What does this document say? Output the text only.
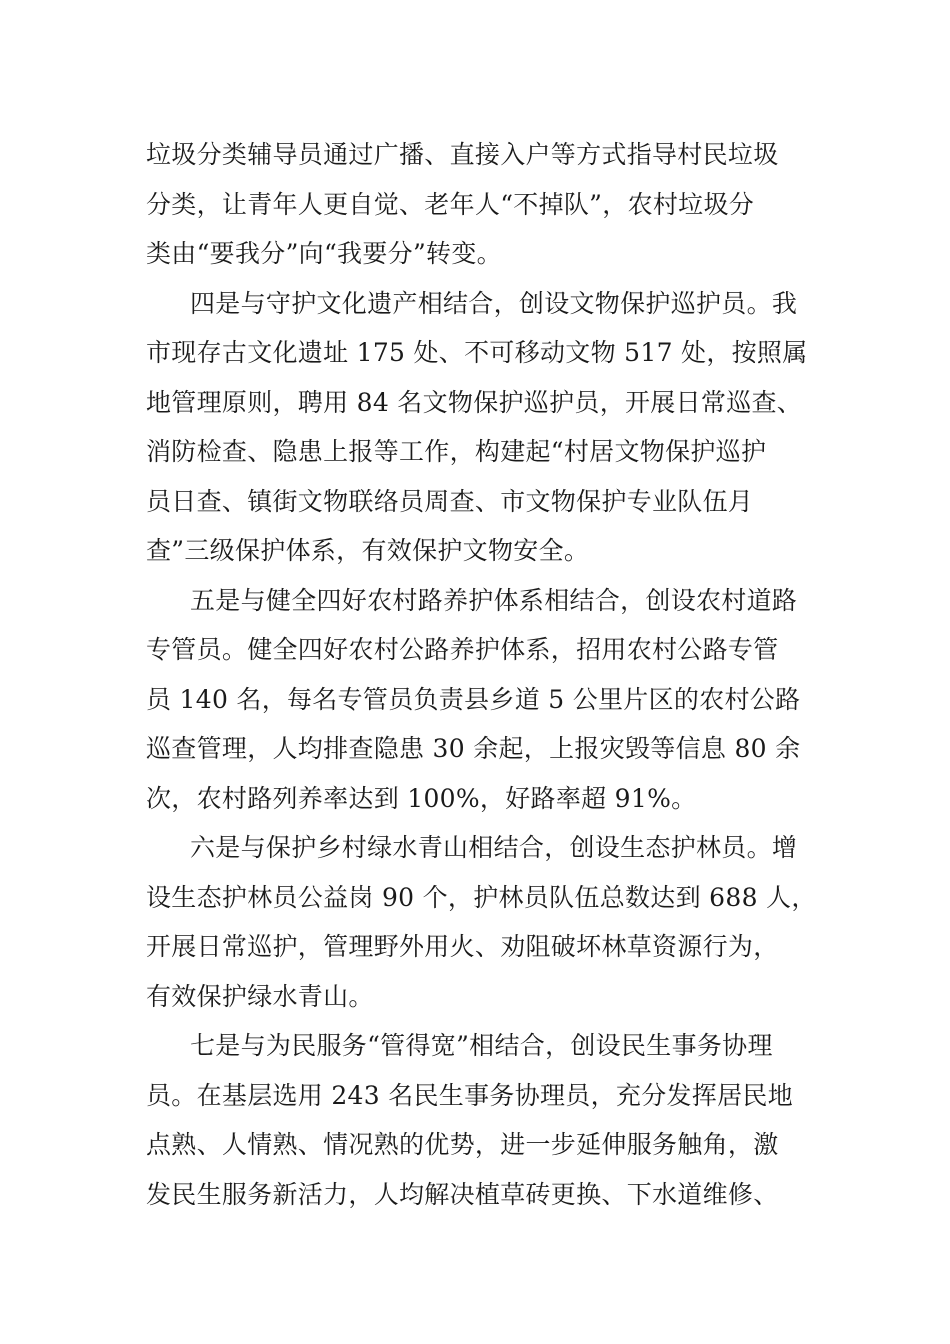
垃圾分类辅导员通过广播、直接入户等方式指导村民垃圾
分类，让青年人更自觉、老年人“不掉队”，农村垃圾分
类由“要我分”向“我要分”转变。
四是与守护文化遗产相结合，创设文物保护巡护员。我
市现存古文化遗址 175 处、不可移动文物 517 处，按照属
地管理原则，聘用 84 名文物保护巡护员，开展日常巡查、
消防检查、隐患上报等工作，构建起“村居文物保护巡护
员日查、镇街文物联络员周查、市文物保护专业队伍月
查”三级保护体系，有效保护文物安全。
五是与健全四好农村路养护体系相结合，创设农村道路
专管员。健全四好农村公路养护体系，招用农村公路专管
员 140 名，每名专管员负责县乡道 5 公里片区的农村公路
巡查管理，人均排查隐患 30 余起，上报灾毁等信息 80 余
次，农村路列养率达到 100%，好路率超 91%。
六是与保护乡村绿水青山相结合，创设生态护林员。增
设生态护林员公益岗 90 个，护林员队伍总数达到 688 人，
开展日常巡护，管理野外用火、劝阻破坏林草资源行为，
有效保护绿水青山。
七是与为民服务“管得宽”相结合，创设民生事务协理
员。在基层选用 243 名民生事务协理员，充分发挥居民地
点熟、人情熟、情况熟的优势，进一步延伸服务触角，激
发民生服务新活力，人均解决植草砖更换、下水道维修、
